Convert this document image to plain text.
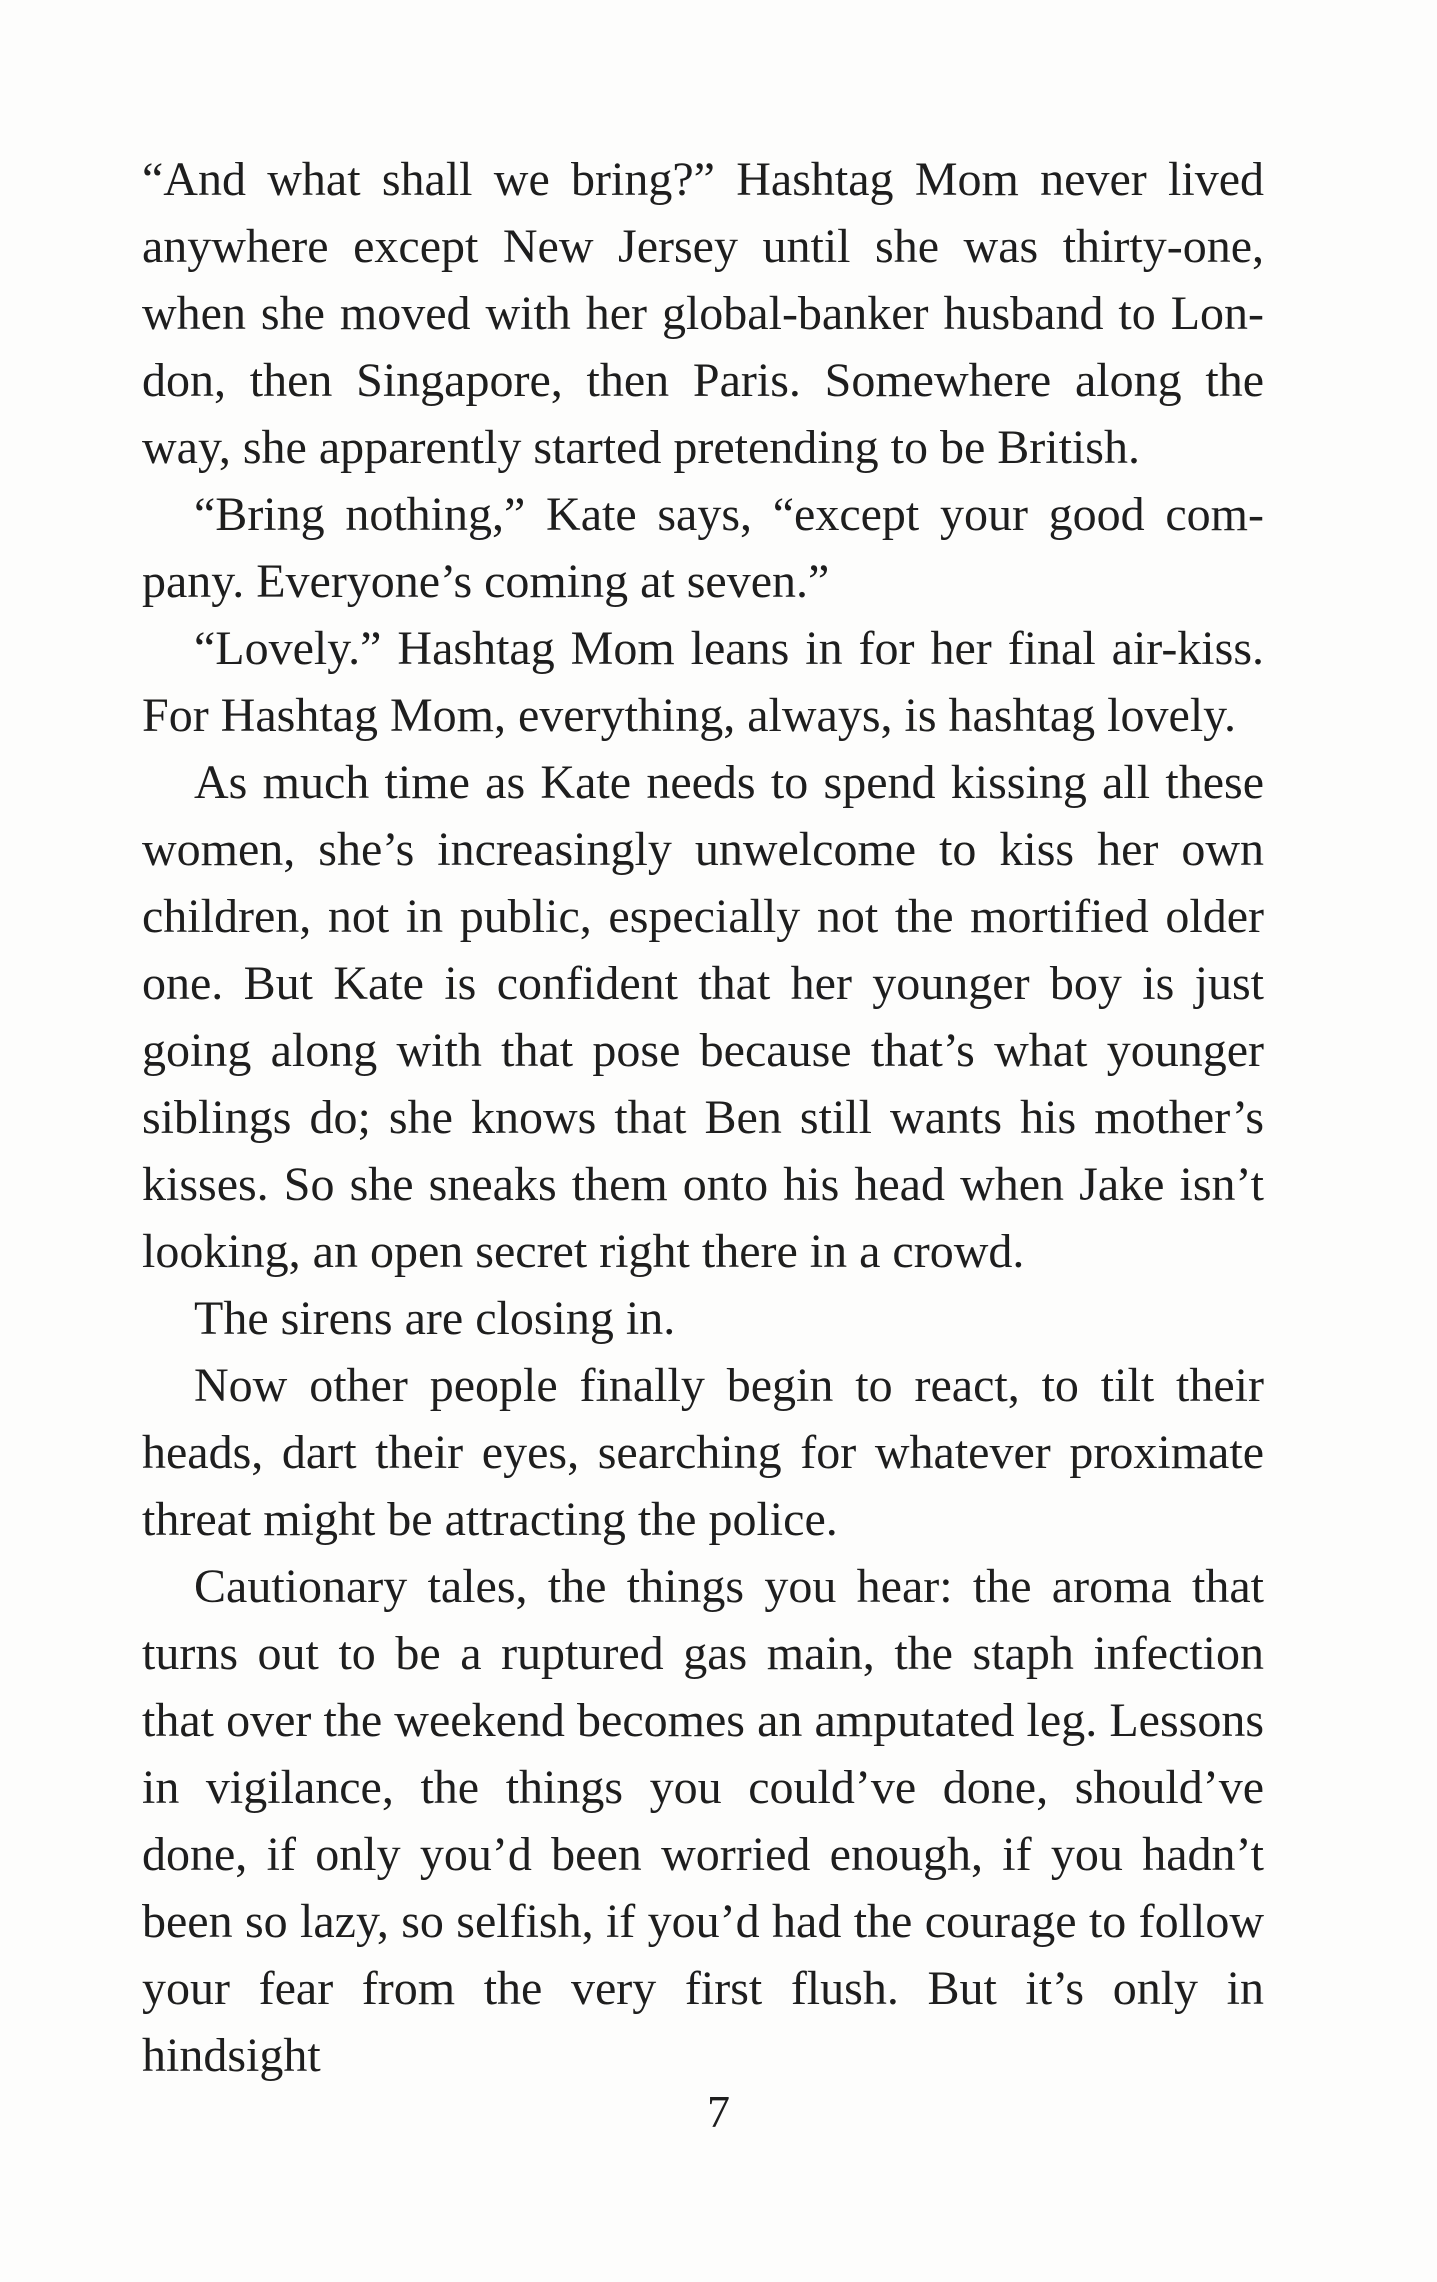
“And what shall we bring?” Hashtag Mom never lived anywhere except New Jersey until she was thirty-one, when she moved with her global-banker husband to London, then Singapore, then Paris. Somewhere along the way, she apparently started pretending to be British.

“Bring nothing,” Kate says, “except your good company. Everyone’s coming at seven.”

“Lovely.” Hashtag Mom leans in for her final air-kiss. For Hashtag Mom, everything, always, is hashtag lovely.

As much time as Kate needs to spend kissing all these women, she’s increasingly unwelcome to kiss her own children, not in public, especially not the mortified older one. But Kate is confident that her younger boy is just going along with that pose because that’s what younger siblings do; she knows that Ben still wants his mother’s kisses. So she sneaks them onto his head when Jake isn’t looking, an open secret right there in a crowd.

The sirens are closing in.

Now other people finally begin to react, to tilt their heads, dart their eyes, searching for whatever proximate threat might be attracting the police.

Cautionary tales, the things you hear: the aroma that turns out to be a ruptured gas main, the staph infection that over the weekend becomes an amputated leg. Lessons in vigilance, the things you could’ve done, should’ve done, if only you’d been worried enough, if you hadn’t been so lazy, so selfish, if you’d had the courage to follow your fear from the very first flush. But it’s only in hindsight

7
